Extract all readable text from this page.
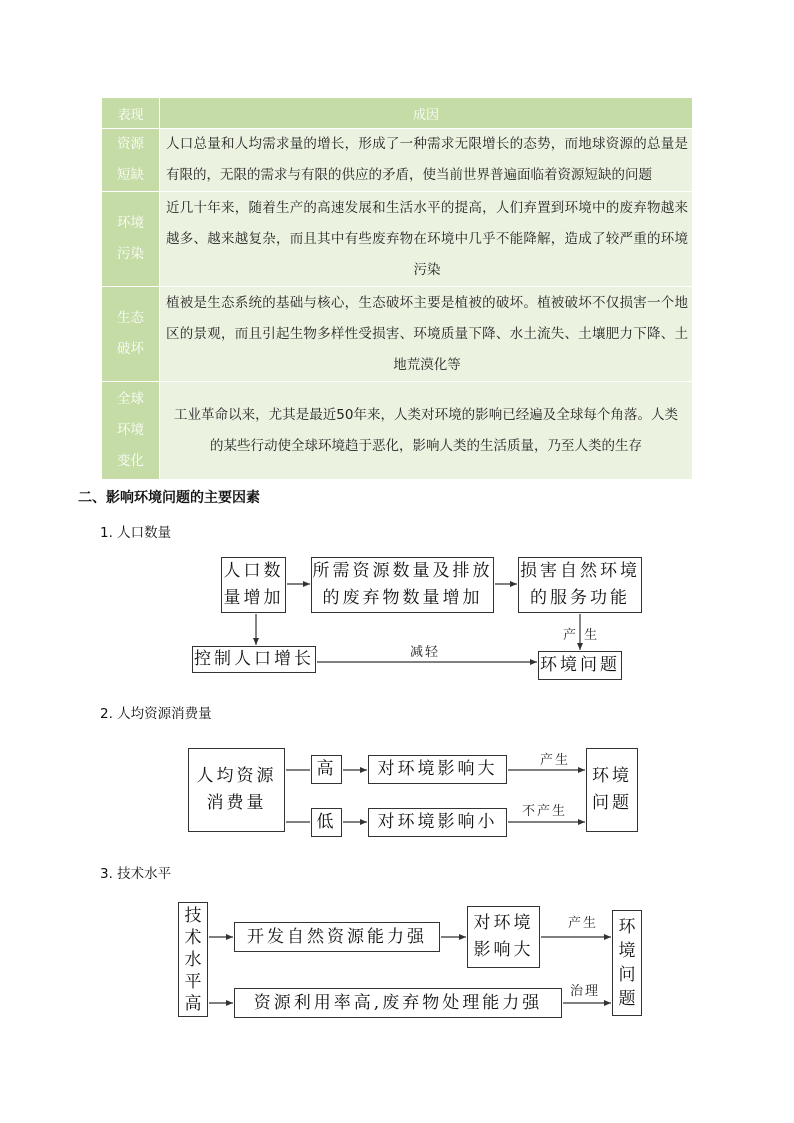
表现	成因

资源
短缺	人口总量和人均需求量的增长，形成了一种需求无限增长的态势，而地球资源的总量是有限的，无限的需求与有限的供应的矛盾，使当前世界普遍面临着资源短缺的问题

环境
污染	近几十年来，随着生产的高速发展和生活水平的提高，人们弃置到环境中的废弃物越来越多、越来越复杂，而且其中有些废弃物在环境中几乎不能降解，造成了较严重的环境污染

生态
破坏	植被是生态系统的基础与核心，生态破坏主要是植被的破坏。植被破坏不仅损害一个地区的景观，而且引起生物多样性受损害、环境质量下降、水土流失、土壤肥力下降、土地荒漠化等

全球
环境
变化	工业革命以来，尤其是最近50年来，人类对环境的影响已经遍及全球每个角落。人类的某些行动使全球环境趋于恶化，影响人类的生活质量，乃至人类的生存
二、影响环境问题的主要因素
1. 人口数量
人口数
量增加
所需资源数量及排放
的废弃物数量增加
损害自然环境
的服务功能
控制人口增长	环境问题
产 生
减轻
2. 人均资源消费量
人均资源
消费量
高
低
对环境影响大
对环境影响小
环境
问题
产生
不产生
3. 技术水平
技
术
水
平
高
开发自然资源能力强
对环境
影响大
资源利用率高,废弃物处理能力强
环
境
问
题
产生
治理
